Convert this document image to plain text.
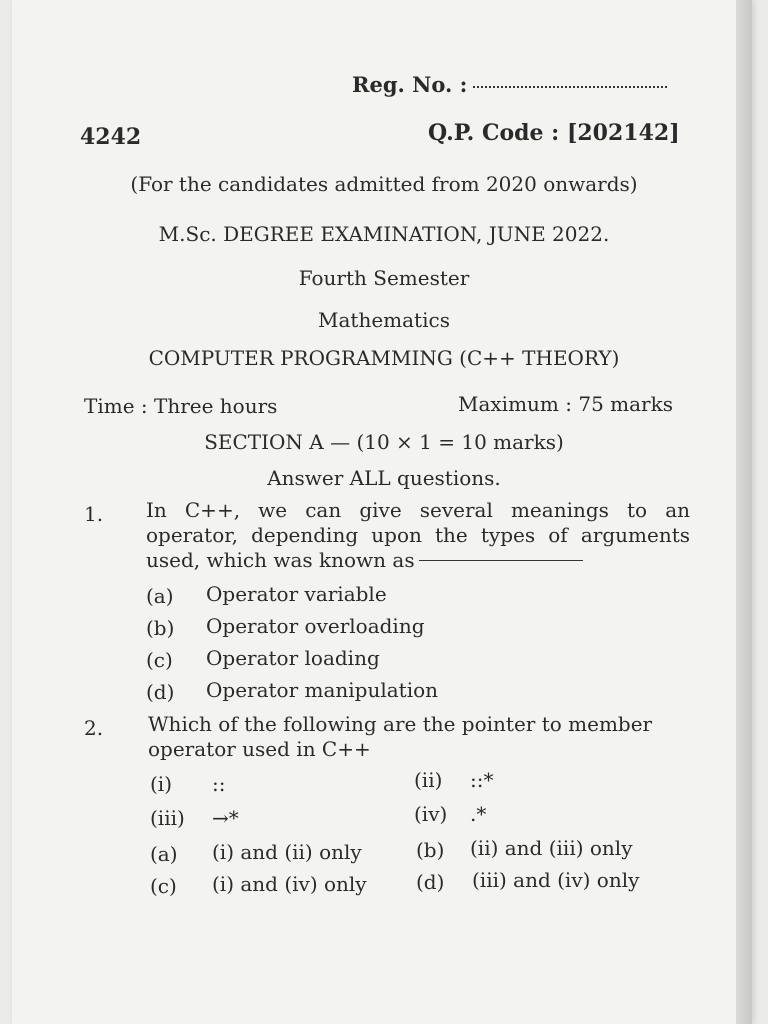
Reg. No. :
4242	Q.P. Code : [202142]
(For the candidates admitted from 2020 onwards)
M.Sc. DEGREE EXAMINATION, JUNE 2022.
Fourth Semester
Mathematics
COMPUTER PROGRAMMING (C++ THEORY)
Time : Three hours	Maximum : 75 marks
SECTION A — (10 × 1 = 10 marks)
Answer ALL questions.
1. In C++, we can give several meanings to an operator, depending upon the types of arguments used, which was known as
(a) Operator variable
(b) Operator overloading
(c) Operator loading
(d) Operator manipulation
2. Which of the following are the pointer to member operator used in C++
(i) ::	(ii) ::*
(iii) →*	(iv) .*
(a) (i) and (ii) only	(b) (ii) and (iii) only
(c) (i) and (iv) only (d) (iii) and (iv) only
